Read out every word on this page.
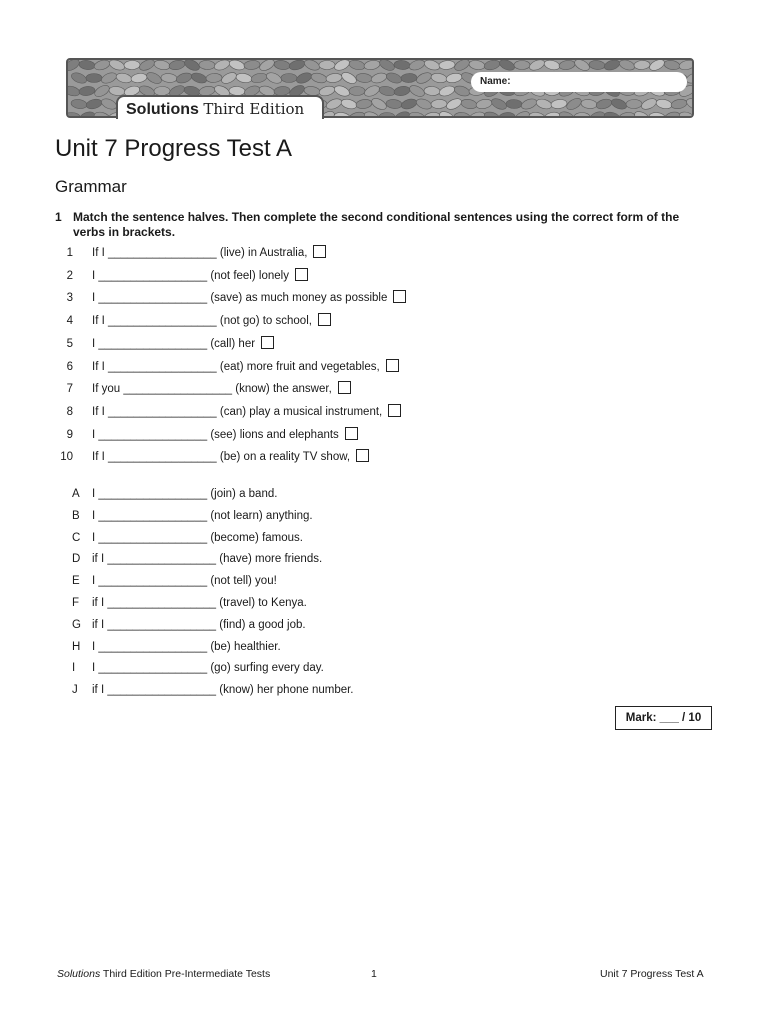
Name:
Solutions Third Edition
Unit 7 Progress Test A
Grammar
1 Match the sentence halves. Then complete the second conditional sentences using the correct form of the verbs in brackets.
1 If I _________________ (live) in Australia,
2 I _________________ (not feel) lonely
3 I _________________ (save) as much money as possible
4 If I _________________ (not go) to school,
5 I _________________ (call) her
6 If I _________________ (eat) more fruit and vegetables,
7 If you _________________ (know) the answer,
8 If I _________________ (can) play a musical instrument,
9 I _________________ (see) lions and elephants
10 If I _________________ (be) on a reality TV show,
A I _________________ (join) a band.
B I _________________ (not learn) anything.
C I _________________ (become) famous.
D if I _________________ (have) more friends.
E I _________________ (not tell) you!
F if I _________________ (travel) to Kenya.
G if I _________________ (find) a good job.
H I _________________ (be) healthier.
I	I _________________ (go) surfing every day.
J	if I _________________ (know) her phone number.
Mark: ___ / 10
Solutions Third Edition Pre-Intermediate Tests	1	Unit 7 Progress Test A
